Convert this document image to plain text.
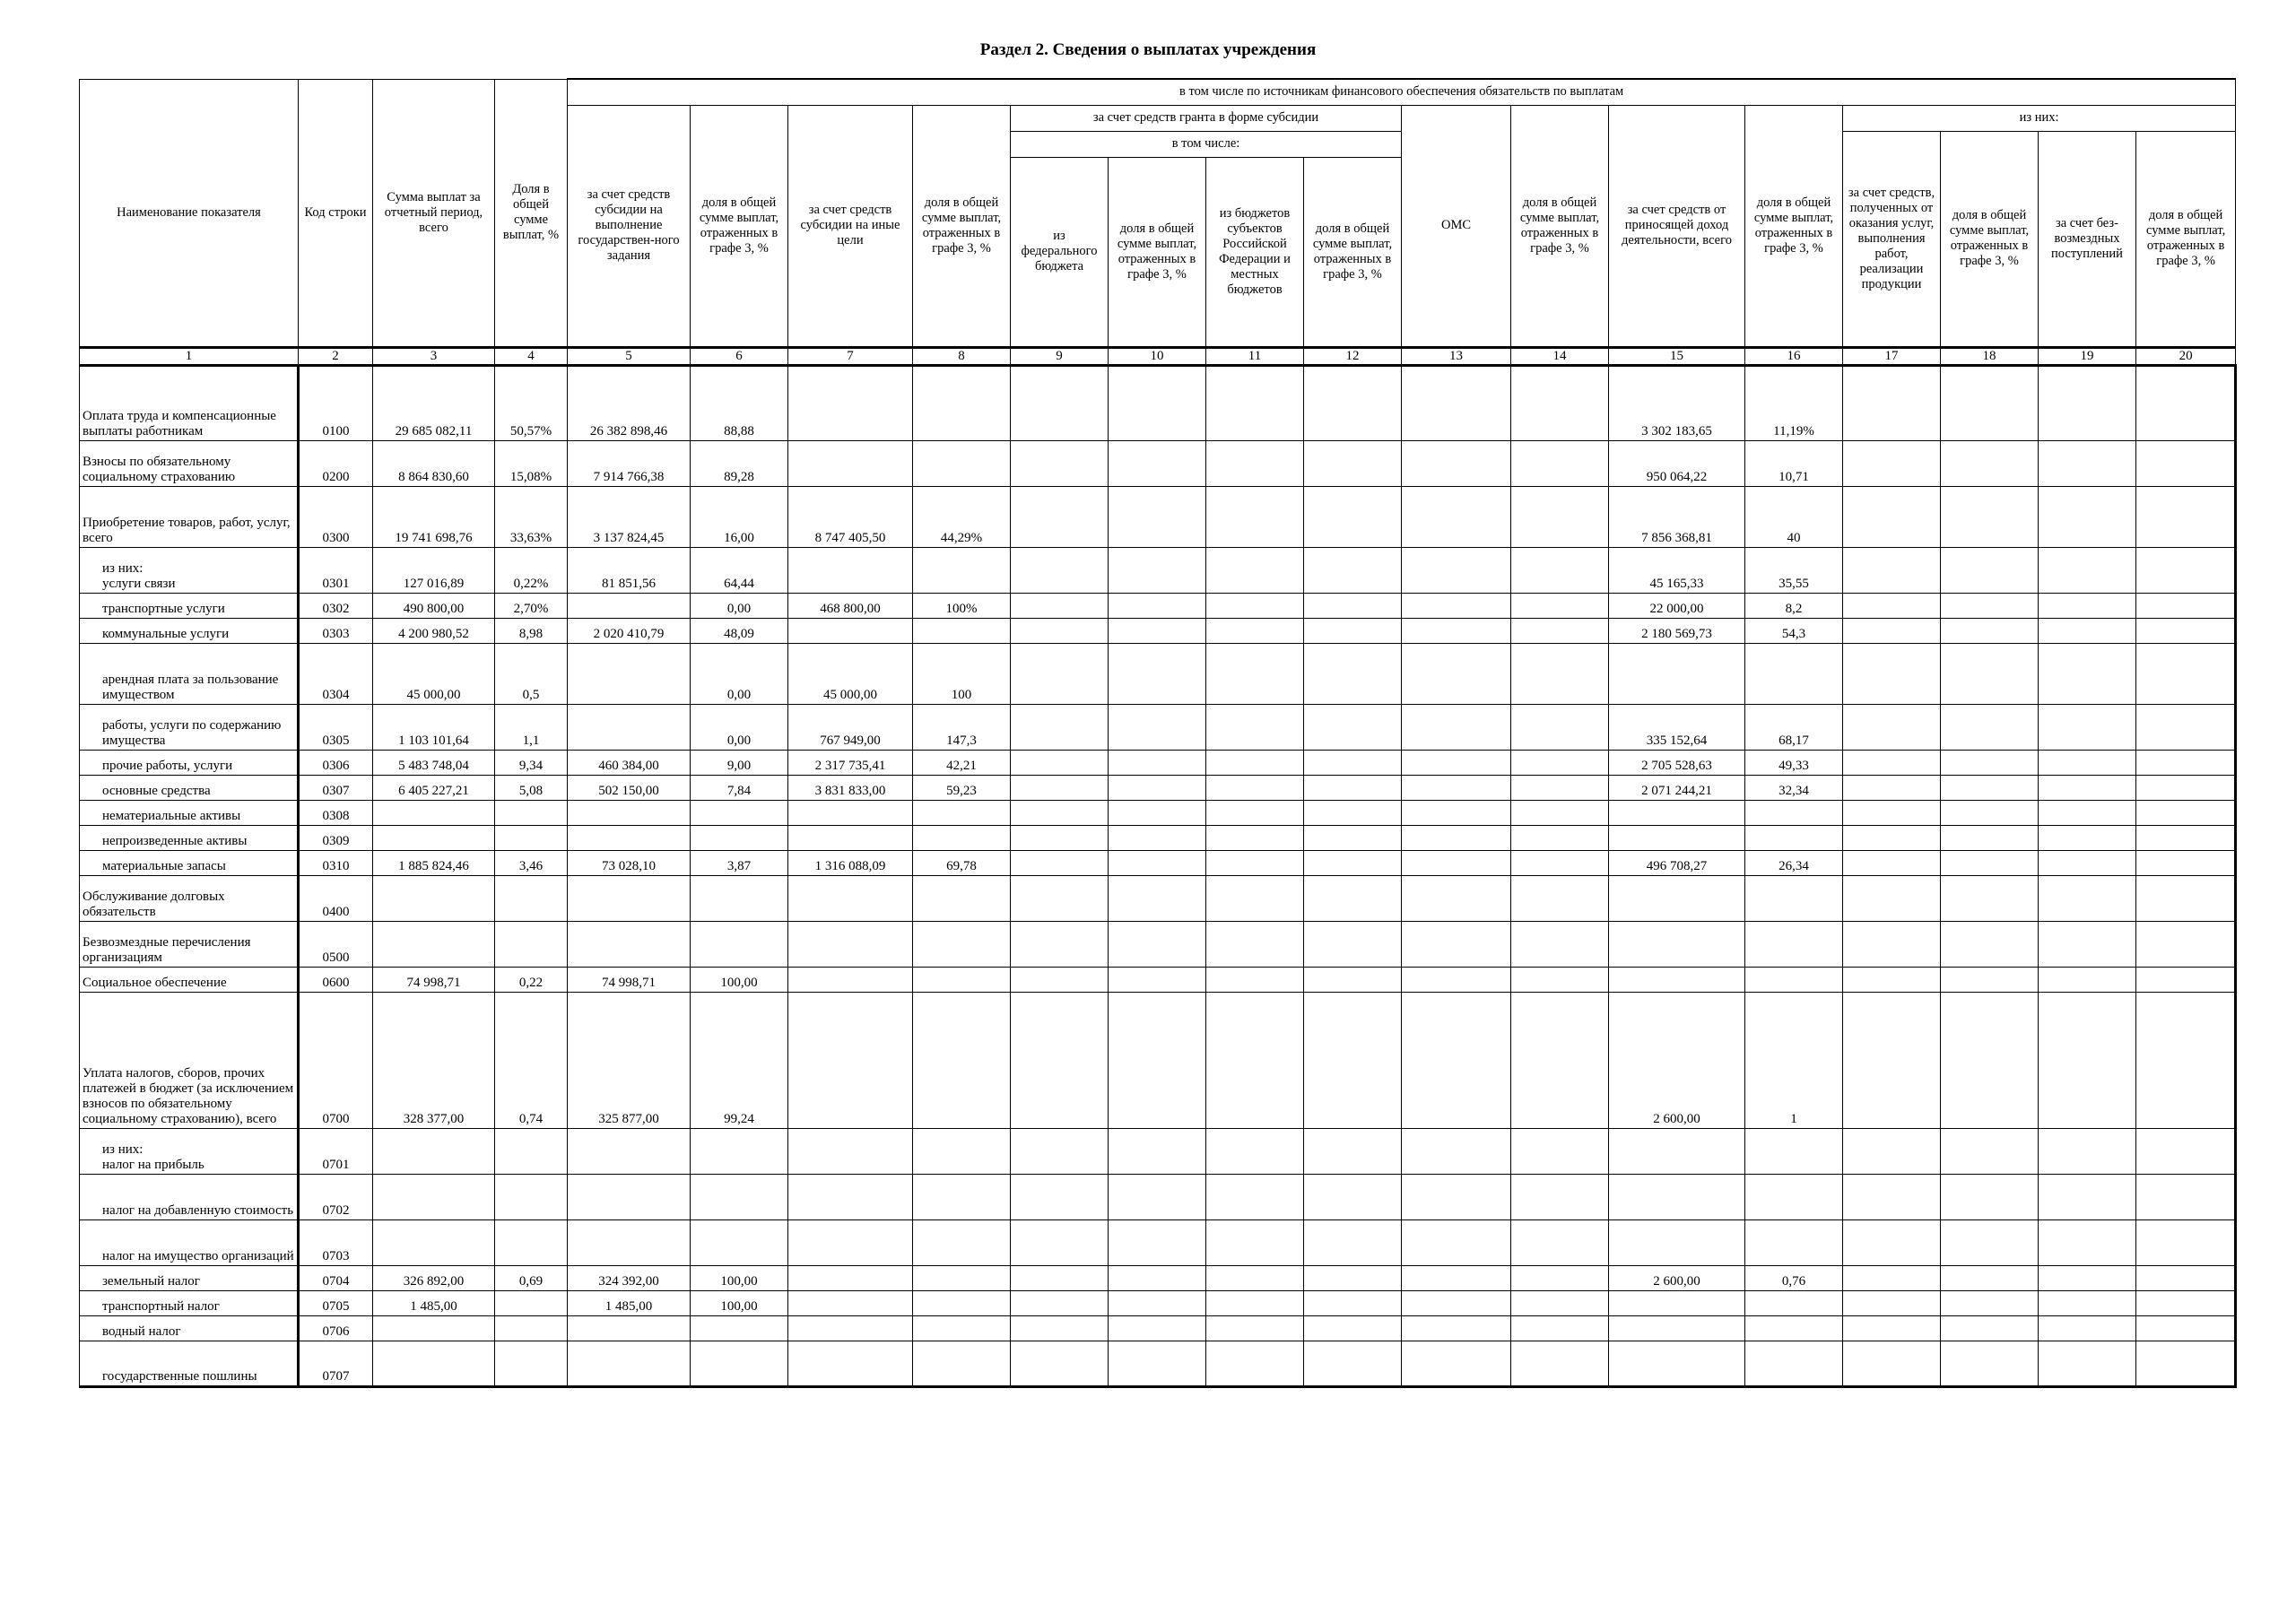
Раздел 2. Сведения о выплатах учреждения
Наименование показателя	Код строки	Сумма выплат за отчетный период, всего	Доля в общей сумме выплат, %	в том числе по источникам финансового обеспечения обязательств по выплатам															
				за счет средств субсидии на выполнение государствен-ного задания	доля в общей сумме выплат, отраженных в графе 3, %	за счет средств субсидии на иные цели	доля в общей сумме выплат, отраженных в графе 3, %	за счет средств гранта в форме субсидии				ОМС	доля в общей сумме выплат, отраженных в графе 3, %	за счет средств от приносящей доход деятельности, всего	доля в общей сумме выплат, отраженных в графе 3, %	из них:			
								в том числе:								за счет средств, полученных от оказания услуг, выполнения работ, реализации продукции	доля в общей сумме выплат, отраженных в графе 3, %	за счет без-возмездных поступлений	доля в общей сумме выплат, отраженных в графе 3, %
								из федерального бюджета	доля в общей сумме выплат, отраженных в графе 3, %	из бюджетов субъектов Российской Федерации и местных бюджетов	доля в общей сумме выплат, отраженных в графе 3, %								
1	2	3	4	5	6	7	8	9	10	11	12	13	14	15	16	17	18	19	20
Оплата труда и компенсационные выплаты работникам	0100	29 685 082,11	50,57%	26 382 898,46	88,88									3 302 183,65	11,19%				
Взносы по обязательному социальному страхованию	0200	8 864 830,60	15,08%	7 914 766,38	89,28									950 064,22	10,71				
Приобретение товаров, работ, услуг, всего	0300	19 741 698,76	33,63%	3 137 824,45	16,00	8 747 405,50	44,29%							7 856 368,81	40				

из них:
услуги связи	0301	127 016,89	0,22%	81 851,56	64,44									45 165,33	35,55				
транспортные услуги	0302	490 800,00	2,70%		0,00	468 800,00	100%							22 000,00	8,2				
коммунальные услуги	0303	4 200 980,52	8,98	2 020 410,79	48,09									2 180 569,73	54,3				
арендная плата за пользование имуществом	0304	45 000,00	0,5		0,00	45 000,00	100												
работы, услуги по содержанию имущества	0305	1 103 101,64	1,1		0,00	767 949,00	147,3							335 152,64	68,17				
прочие работы, услуги	0306	5 483 748,04	9,34	460 384,00	9,00	2 317 735,41	42,21							2 705 528,63	49,33				
основные средства	0307	6 405 227,21	5,08	502 150,00	7,84	3 831 833,00	59,23							2 071 244,21	32,34				
нематериальные активы	0308																		
непроизведенные активы	0309																		
материальные запасы	0310	1 885 824,46	3,46	73 028,10	3,87	1 316 088,09	69,78							496 708,27	26,34				
Обслуживание долговых обязательств	0400																		
Безвозмездные перечисления организациям	0500																		
Социальное обеспечение	0600	74 998,71	0,22	74 998,71	100,00														
Уплата налогов, сборов, прочих платежей в бюджет (за исключением взносов по обязательному социальному страхованию), всего	0700	328 377,00	0,74	325 877,00	99,24									2 600,00	1				

из них:
налог на прибыль	0701																		
налог на добавленную стоимость	0702																		
налог на имущество организаций	0703																		
земельный налог	0704	326 892,00	0,69	324 392,00	100,00									2 600,00	0,76				
транспортный налог	0705	1 485,00		1 485,00	100,00														
водный налог	0706																		
государственные пошлины	0707																		
